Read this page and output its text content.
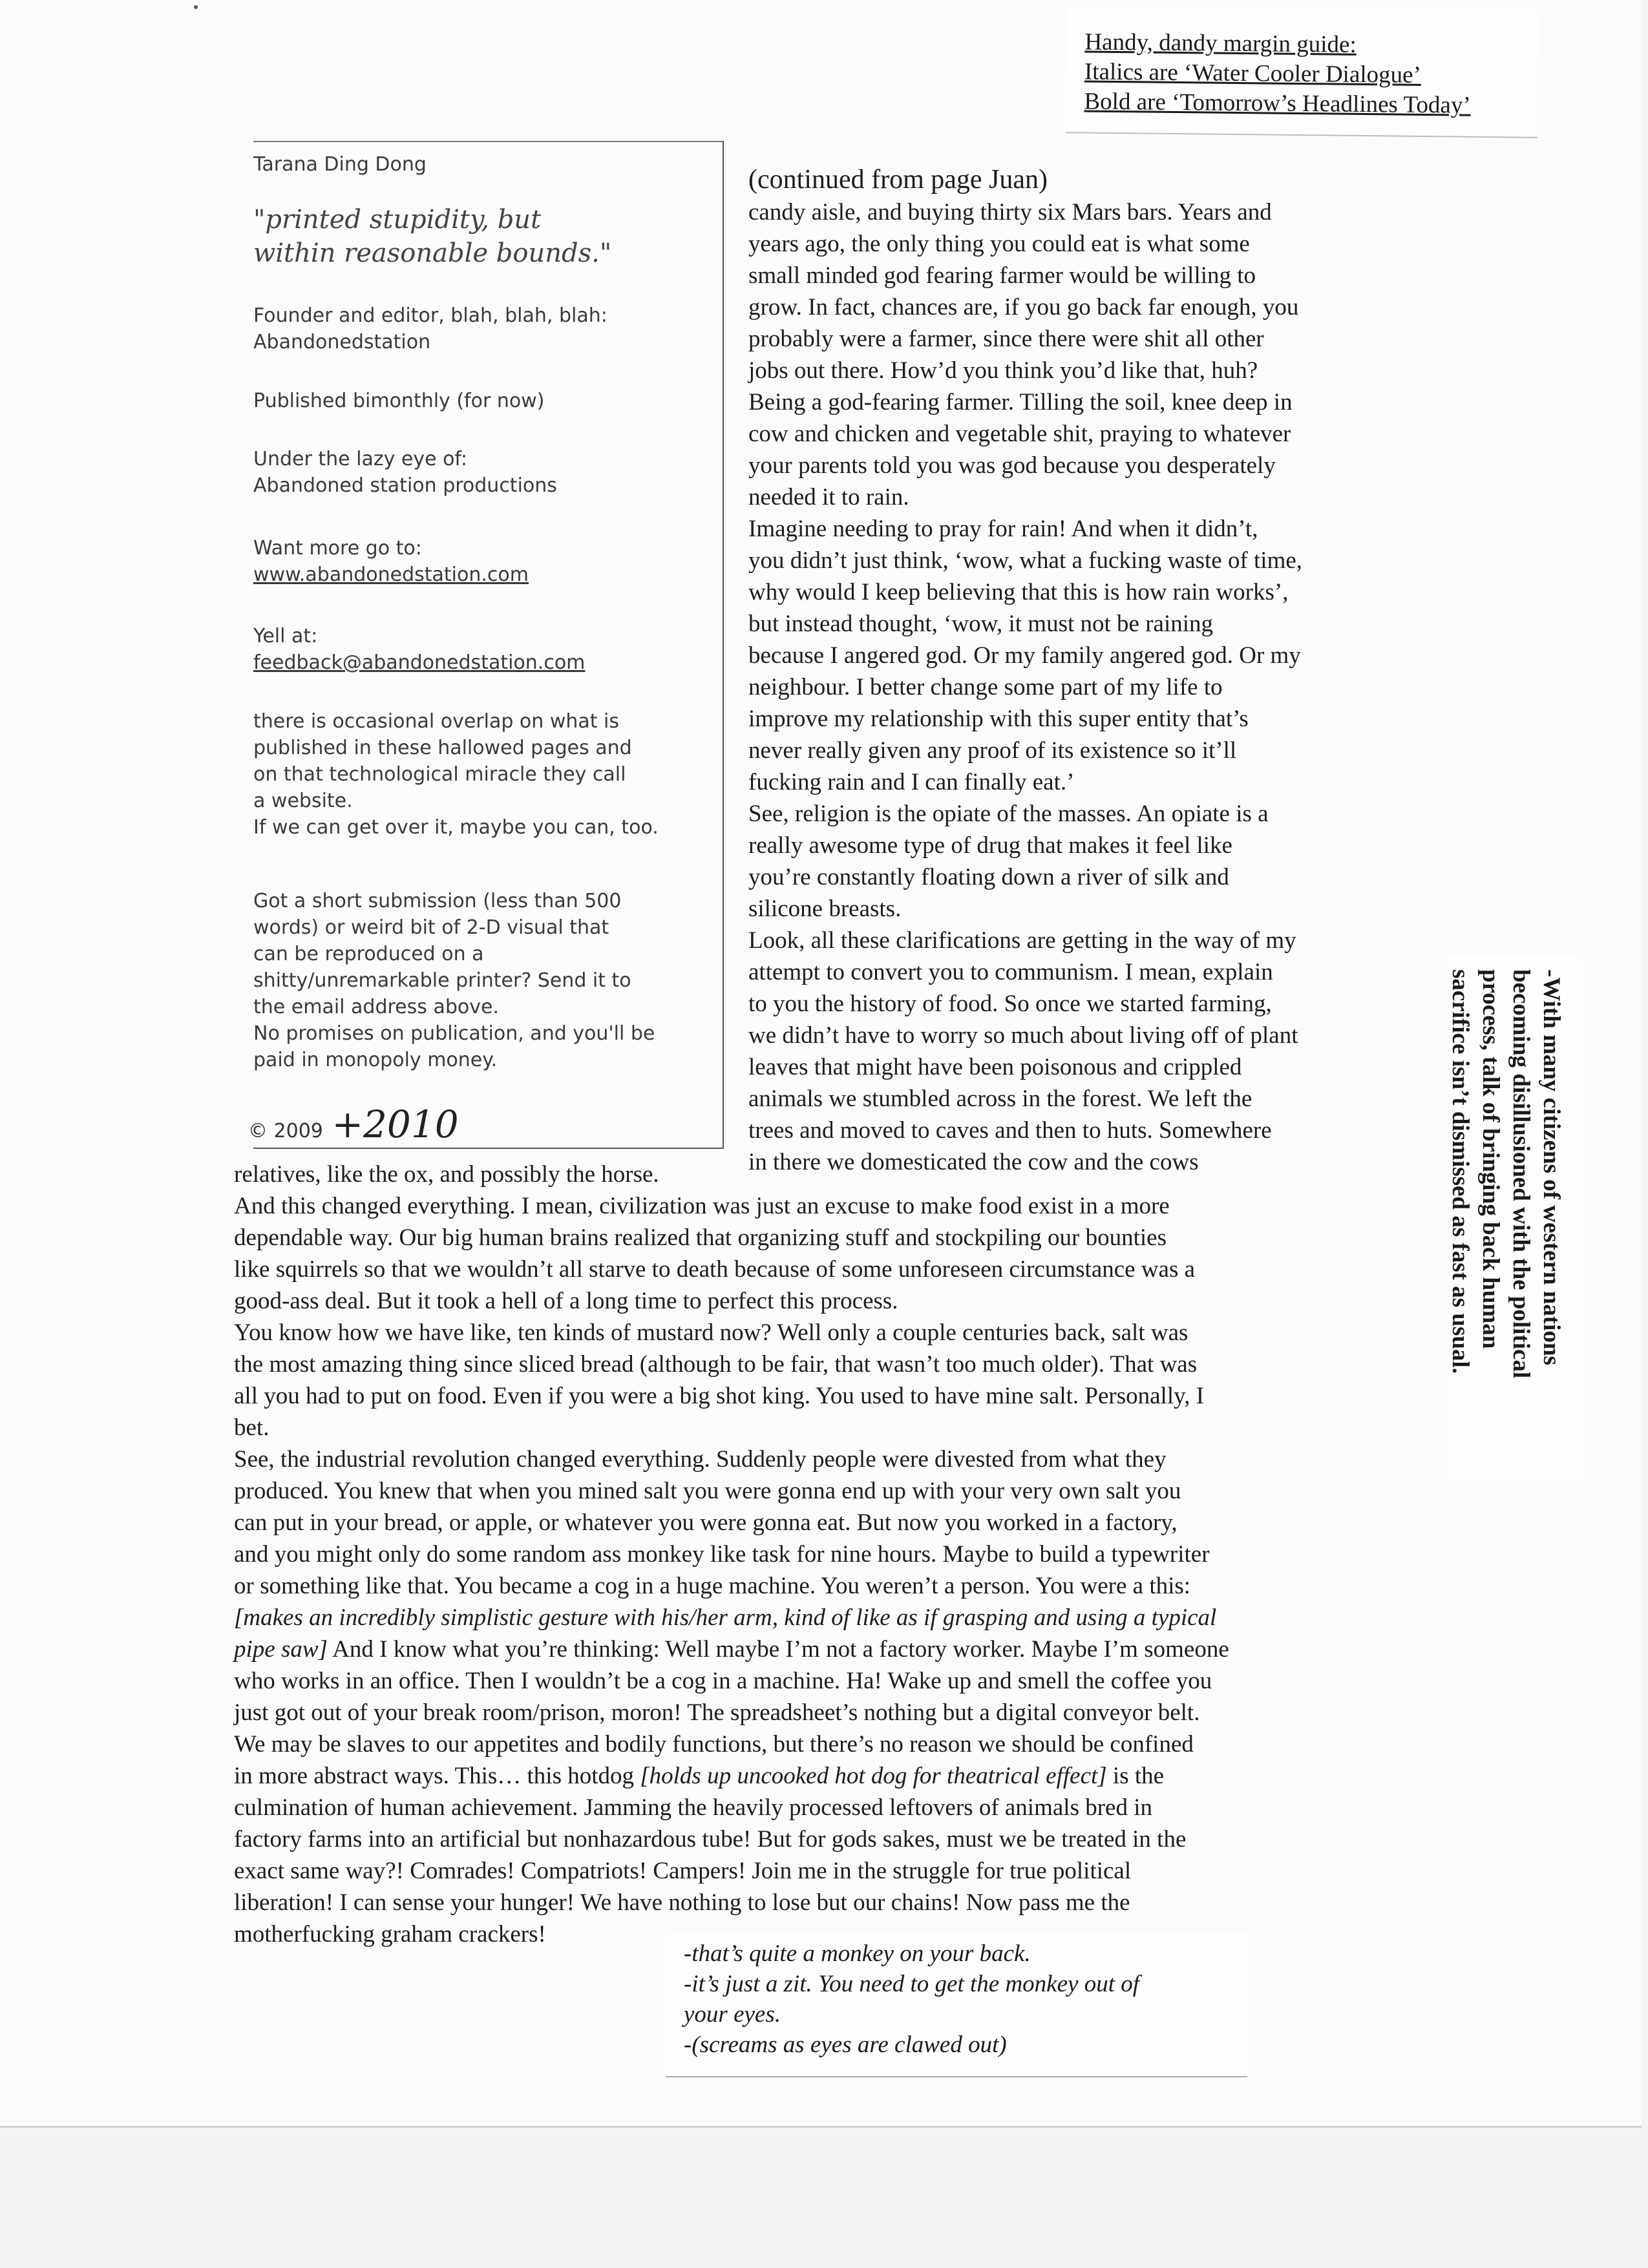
Handy, dandy margin guide:
Italics are ‘Water Cooler Dialogue’
Bold are ‘Tomorrow’s Headlines Today’
Tarana Ding Dong
"printed stupidity, but
within reasonable bounds."
Founder and editor, blah, blah, blah:
Abandonedstation
Published bimonthly (for now)
Under the lazy eye of:
Abandoned station productions
Want more go to:
www.abandonedstation.com
Yell at:
feedback@abandonedstation.com
there is occasional overlap on what is
published in these hallowed pages and
on that technological miracle they call
a website.
If we can get over it, maybe you can, too.
Got a short submission (less than 500
words) or weird bit of 2-D visual that
can be reproduced on a
shitty/unremarkable printer? Send it to
the email address above.
No promises on publication, and you'll be
paid in monopoly money.
© 2009 +2010
(continued from page Juan)
candy aisle, and buying thirty six Mars bars. Years and
years ago, the only thing you could eat is what some
small minded god fearing farmer would be willing to
grow. In fact, chances are, if you go back far enough, you
probably were a farmer, since there were shit all other
jobs out there. How’d you think you’d like that, huh?
Being a god-fearing farmer. Tilling the soil, knee deep in
cow and chicken and vegetable shit, praying to whatever
your parents told you was god because you desperately
needed it to rain.
Imagine needing to pray for rain! And when it didn’t,
you didn’t just think, ‘wow, what a fucking waste of time,
why would I keep believing that this is how rain works’,
but instead thought, ‘wow, it must not be raining
because I angered god. Or my family angered god. Or my
neighbour. I better change some part of my life to
improve my relationship with this super entity that’s
never really given any proof of its existence so it’ll
fucking rain and I can finally eat.’
See, religion is the opiate of the masses. An opiate is a
really awesome type of drug that makes it feel like
you’re constantly floating down a river of silk and
silicone breasts.
Look, all these clarifications are getting in the way of my
attempt to convert you to communism. I mean, explain
to you the history of food. So once we started farming,
we didn’t have to worry so much about living off of plant
leaves that might have been poisonous and crippled
animals we stumbled across in the forest. We left the
trees and moved to caves and then to huts. Somewhere
in there we domesticated the cow and the cows
relatives, like the ox, and possibly the horse.
And this changed everything. I mean, civilization was just an excuse to make food exist in a more
dependable way. Our big human brains realized that organizing stuff and stockpiling our bounties
like squirrels so that we wouldn’t all starve to death because of some unforeseen circumstance was a
good-ass deal. But it took a hell of a long time to perfect this process.
You know how we have like, ten kinds of mustard now? Well only a couple centuries back, salt was
the most amazing thing since sliced bread (although to be fair, that wasn’t too much older). That was
all you had to put on food. Even if you were a big shot king. You used to have mine salt. Personally, I
bet.
See, the industrial revolution changed everything. Suddenly people were divested from what they
produced. You knew that when you mined salt you were gonna end up with your very own salt you
can put in your bread, or apple, or whatever you were gonna eat. But now you worked in a factory,
and you might only do some random ass monkey like task for nine hours. Maybe to build a typewriter
or something like that. You became a cog in a huge machine. You weren’t a person. You were a this:
[makes an incredibly simplistic gesture with his/her arm, kind of like as if grasping and using a typical
pipe saw] And I know what you’re thinking: Well maybe I’m not a factory worker. Maybe I’m someone
who works in an office. Then I wouldn’t be a cog in a machine. Ha! Wake up and smell the coffee you
just got out of your break room/prison, moron! The spreadsheet’s nothing but a digital conveyor belt.
We may be slaves to our appetites and bodily functions, but there’s no reason we should be confined
in more abstract ways. This… this hotdog [holds up uncooked hot dog for theatrical effect] is the
culmination of human achievement. Jamming the heavily processed leftovers of animals bred in
factory farms into an artificial but nonhazardous tube! But for gods sakes, must we be treated in the
exact same way?! Comrades! Compatriots! Campers! Join me in the struggle for true political
liberation! I can sense your hunger! We have nothing to lose but our chains! Now pass me the
motherfucking graham crackers!
-With many citizens of western nations
becoming disillusioned with the political
process, talk of bringing back human
sacrifice isn’t dismissed as fast as usual.
-that’s quite a monkey on your back.
-it’s just a zit. You need to get the monkey out of
your eyes.
-(screams as eyes are clawed out)
